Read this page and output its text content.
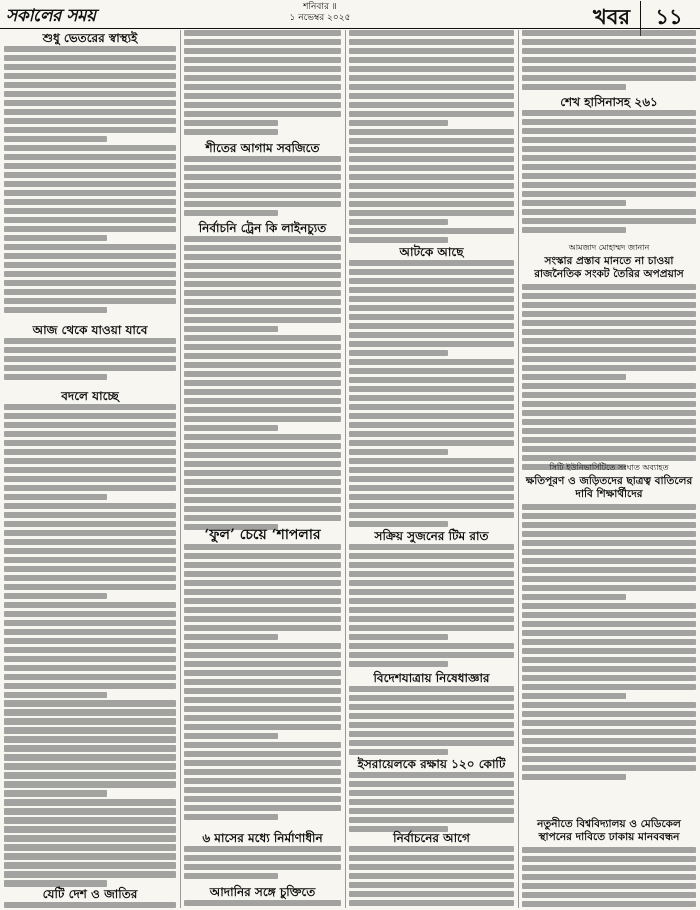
সকালের সময়	শনিবার ॥
১ নভেম্বর ২০২৫	খবর	১১
শুধু ভেতরের স্বাস্থ্যই
আজ থেকে যাওয়া যাবে
বদলে যাচ্ছে
যেটি দেশ ও জাতির
শীতের আগাম সবজিতে
নির্বাচনি ট্রেন কি লাইনচ্যুত
‘ফুল’ চেয়ে ‘শাপলার
৬ মাসের মধ্যে নির্মাণাধীন
আদানির সঙ্গে চুক্তিতে
আটকে আছে
সক্রিয় সুজনের টিম রাত
বিদেশযাত্রায় নিষেধাজ্ঞার
ইসরায়েলকে রক্ষায় ১২০ কোটি
নির্বাচনের আগে
শেখ হাসিনাসহ ২৬১
আমজাদ মোহাম্মদ জানান
সংস্কার প্রস্তাব মানতে না চাওয়া রাজনৈতিক সংকট তৈরির অপপ্রয়াস
সিটি ইউনিভার্সিটিতে সংঘাত অব্যাহত
ক্ষতিপূরণ ও জড়িতদের ছাত্রত্ব বাতিলের দাবি শিক্ষার্থীদের
নতুনীতে বিশ্ববিদ্যালয় ও মেডিকেল স্থাপনের দাবিতে ঢাকায় মানববন্ধন
